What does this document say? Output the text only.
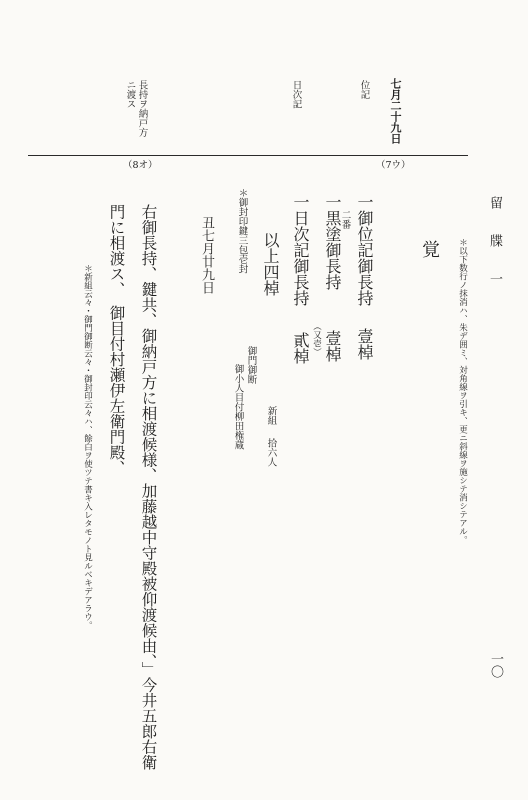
七月二十九日
位記
日次記
長持ヲ納戸方
ニ渡ス
（7ウ）
（8オ）
留　牒　一
一〇
＊以下数行ノ抹消ハ、朱デ囲ミ、対角線ヲ引キ、更ニ斜線ヲ施シテ消シテアル。
覚
一御位記御長持
壹棹
二番
一黒塗御長持
壹棹
一日次記御長持
（又壱）
貳棹
以上四棹
＊御封印鍵三包壱封
丑七月廿九日
新組
拾六人
御門御断
御小人目付柳田権蔵
右御長持、鍵共、御納戸方に相渡候様、加藤越中守殿被仰渡候由、」今井五郎右衛
門に相渡ス、　御目付村瀬伊左衛門殿、
＊新組云々・御門御断云々・御封印云々ハ、餘白ヲ使ツテ書キ入レタモノト見ルベキデアラウ。
